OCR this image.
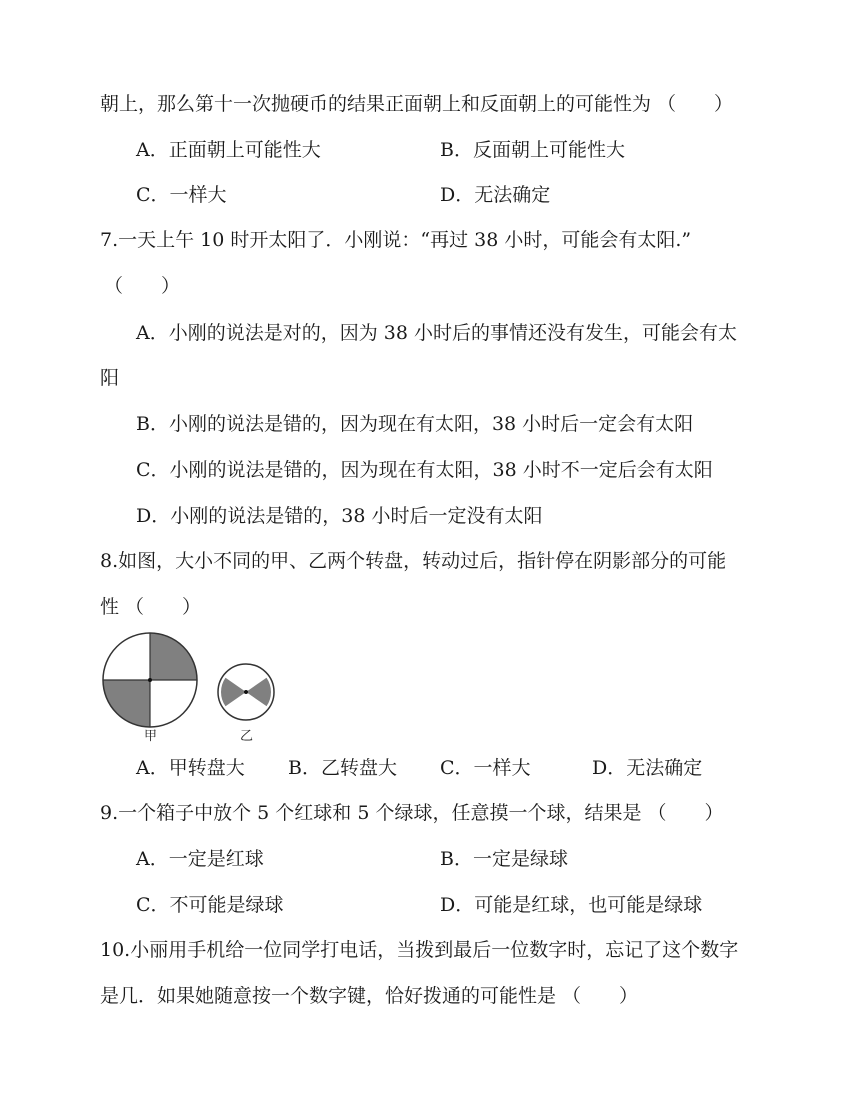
朝上，那么第十一次抛硬币的结果正面朝上和反面朝上的可能性为 （　　）
A．正面朝上可能性大	B．反面朝上可能性大
C．一样大	D．无法确定
7.一天上午 10 时开太阳了．小刚说：“再过 38 小时，可能会有太阳.”
（　　）
A．小刚的说法是对的，因为 38 小时后的事情还没有发生，可能会有太
阳
B．小刚的说法是错的，因为现在有太阳，38 小时后一定会有太阳
C．小刚的说法是错的，因为现在有太阳，38 小时不一定后会有太阳
D．小刚的说法是错的，38 小时后一定没有太阳
8.如图，大小不同的甲、乙两个转盘，转动过后，指针停在阴影部分的可能
性 （　　）
甲	乙
A．甲转盘大 B．乙转盘大 C．一样大	D．无法确定
9.一个箱子中放个 5 个红球和 5 个绿球，任意摸一个球，结果是 （　　）
A．一定是红球	B．一定是绿球
C．不可能是绿球	D．可能是红球，也可能是绿球
10.小丽用手机给一位同学打电话，当拨到最后一位数字时，忘记了这个数字
是几．如果她随意按一个数字键，恰好拨通的可能性是 （　　）
